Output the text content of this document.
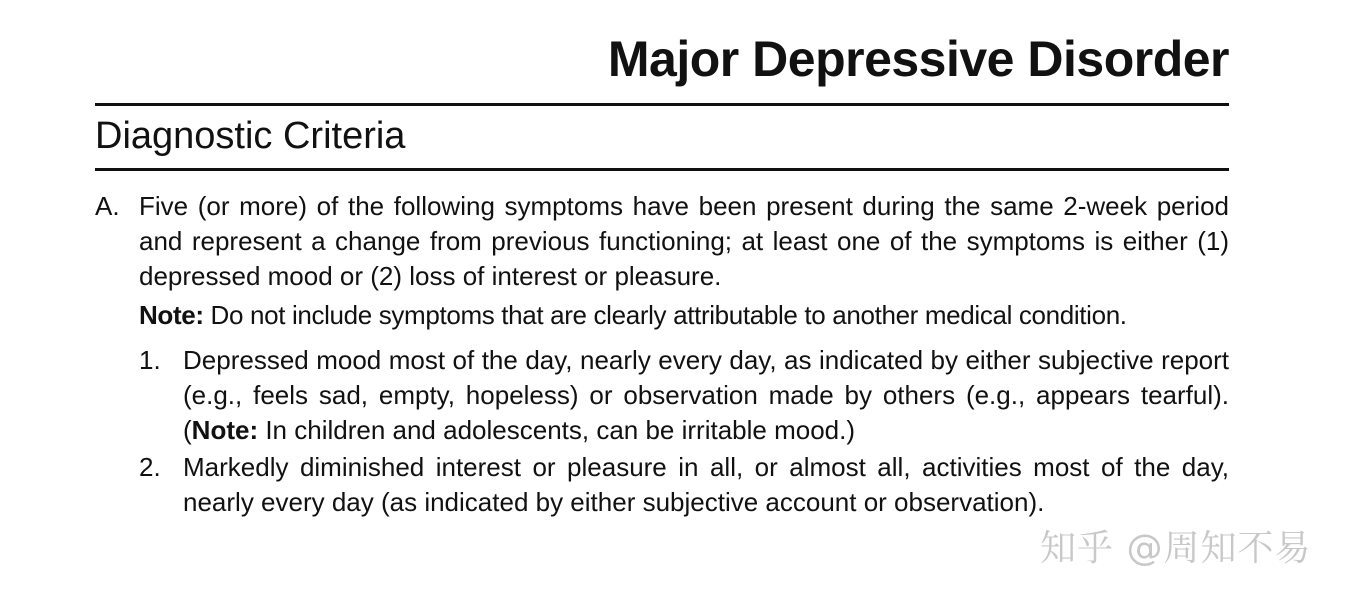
Major Depressive Disorder
Diagnostic Criteria
A. Five (or more) of the following symptoms have been present during the same 2-week period and represent a change from previous functioning; at least one of the symptoms is either (1) depressed mood or (2) loss of interest or pleasure.
Note: Do not include symptoms that are clearly attributable to another medical condition.
1. Depressed mood most of the day, nearly every day, as indicated by either subjective report (e.g., feels sad, empty, hopeless) or observation made by others (e.g., appears tearful). (Note: In children and adolescents, can be irritable mood.)
2. Markedly diminished interest or pleasure in all, or almost all, activities most of the day, nearly every day (as indicated by either subjective account or observation).
知乎 @周知不易
